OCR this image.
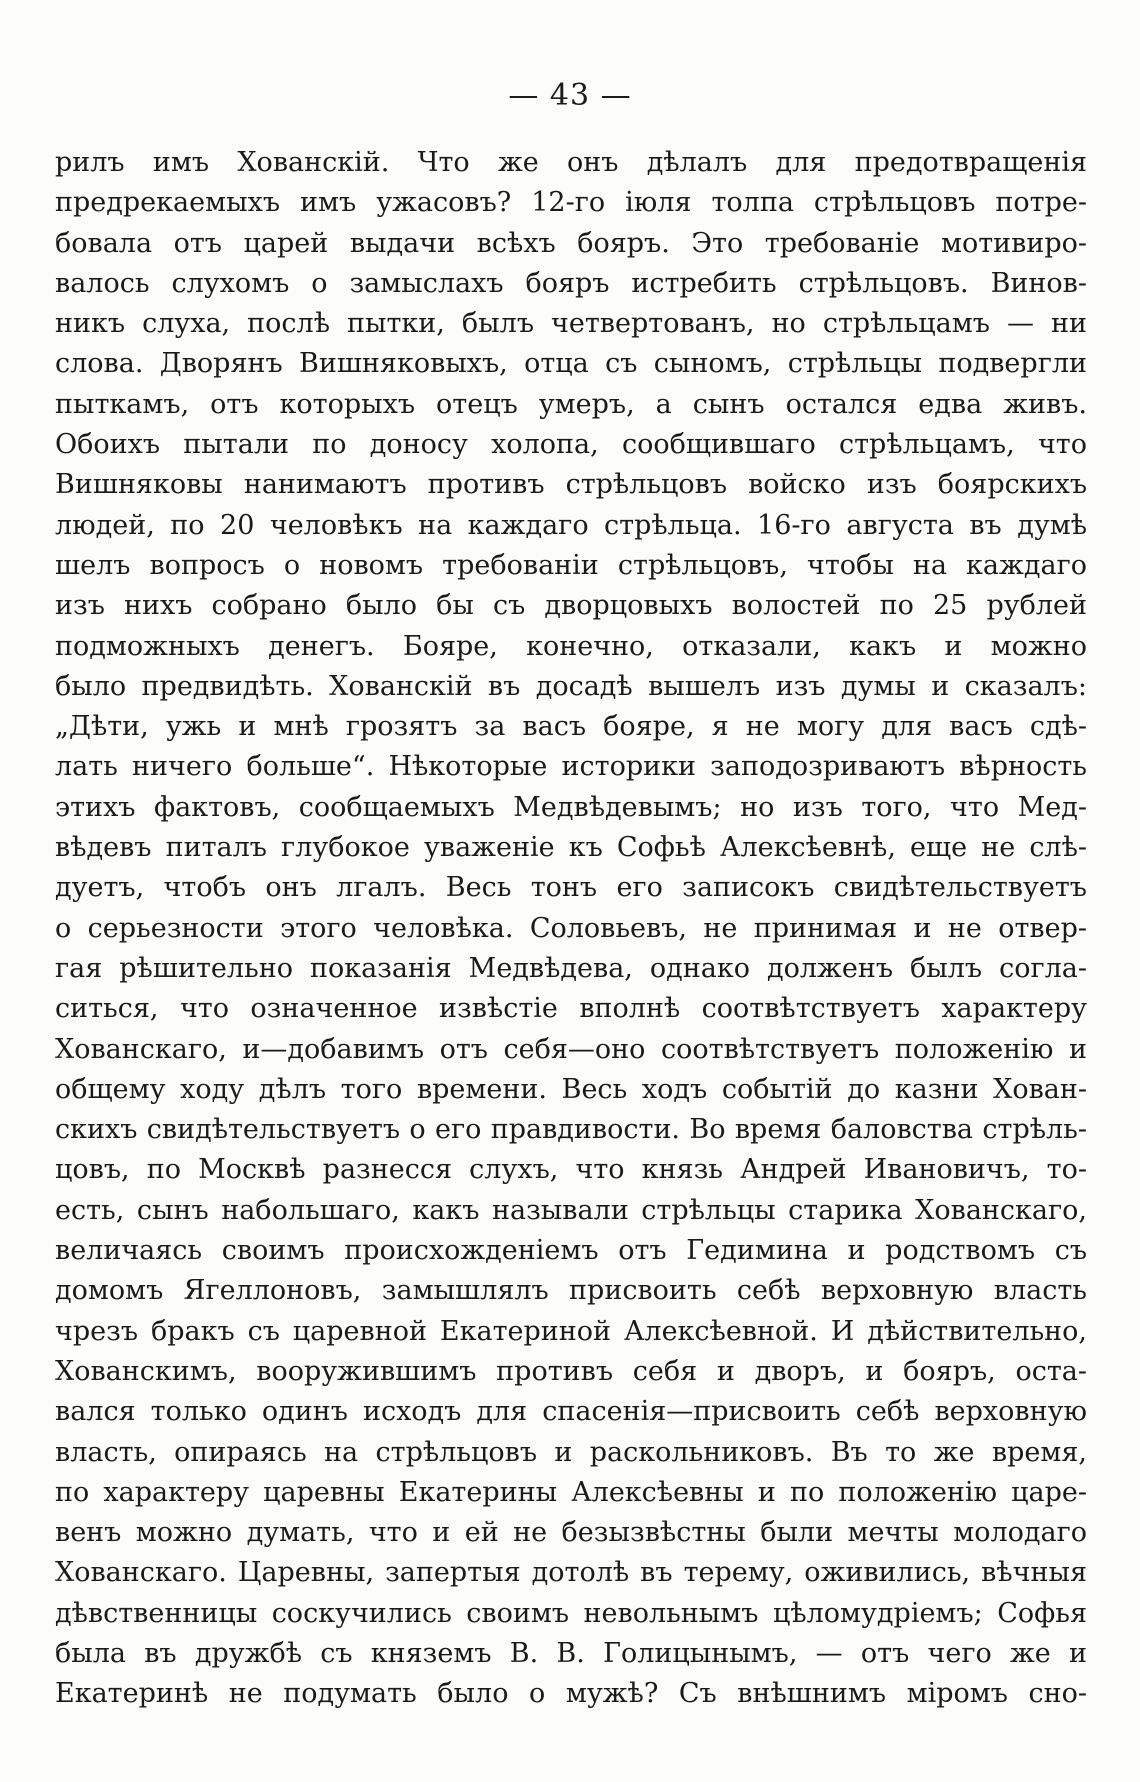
— 43 —
рилъ имъ Хованскій. Что же онъ дѣлалъ для предотвращенія
предрекаемыхъ имъ ужасовъ? 12-го іюля толпа стрѣльцовъ потре-
бовала отъ царей выдачи всѣхъ бояръ. Это требованіе мотивиро-
валось слухомъ о замыслахъ бояръ истребить стрѣльцовъ. Винов-
никъ слуха, послѣ пытки, былъ четвертованъ, но стрѣльцамъ — ни
слова. Дворянъ Вишняковыхъ, отца съ сыномъ, стрѣльцы подвергли
пыткамъ, отъ которыхъ отецъ умеръ, а сынъ остался едва живъ.
Обоихъ пытали по доносу холопа, сообщившаго стрѣльцамъ, что
Вишняковы нанимаютъ противъ стрѣльцовъ войско изъ боярскихъ
людей, по 20 человѣкъ на каждаго стрѣльца. 16-го августа въ думѣ
шелъ вопросъ о новомъ требованіи стрѣльцовъ, чтобы на каждаго
изъ нихъ собрано было бы съ дворцовыхъ волостей по 25 рублей
подможныхъ денегъ. Бояре, конечно, отказали, какъ и можно
было предвидѣть. Хованскій въ досадѣ вышелъ изъ думы и сказалъ:
„Дѣти, ужь и мнѣ грозятъ за васъ бояре, я не могу для васъ сдѣ-
лать ничего больше“. Нѣкоторые историки заподозриваютъ вѣрность
этихъ фактовъ, сообщаемыхъ Медвѣдевымъ; но изъ того, что Мед-
вѣдевъ питалъ глубокое уваженіе къ Софьѣ Алексѣевнѣ, еще не слѣ-
дуетъ, чтобъ онъ лгалъ. Весь тонъ его записокъ свидѣтельствуетъ
о серьезности этого человѣка. Соловьевъ, не принимая и не отвер-
гая рѣшительно показанія Медвѣдева, однако долженъ былъ согла-
ситься, что означенное извѣстіе вполнѣ соотвѣтствуетъ характеру
Хованскаго, и—добавимъ отъ себя—оно соотвѣтствуетъ положенію и
общему ходу дѣлъ того времени. Весь ходъ событій до казни Хован-
скихъ свидѣтельствуетъ о его правдивости. Во время баловства стрѣль-
цовъ, по Москвѣ разнесся слухъ, что князь Андрей Ивановичъ, то-
есть, сынъ набольшаго, какъ называли стрѣльцы старика Хованскаго,
величаясь своимъ происхожденіемъ отъ Гедимина и родствомъ съ
домомъ Ягеллоновъ, замышлялъ присвоить себѣ верховную власть
чрезъ бракъ съ царевной Екатериной Алексѣевной. И дѣйствительно,
Хованскимъ, вооружившимъ противъ себя и дворъ, и бояръ, оста-
вался только одинъ исходъ для спасенія—присвоить себѣ верховную
власть, опираясь на стрѣльцовъ и раскольниковъ. Въ то же время,
по характеру царевны Екатерины Алексѣевны и по положенію царе-
венъ можно думать, что и ей не безызвѣстны были мечты молодаго
Хованскаго. Царевны, запертыя дотолѣ въ терему, оживились, вѣчныя
дѣвственницы соскучились своимъ невольнымъ цѣломудріемъ; Софья
была въ дружбѣ съ княземъ В. В. Голицынымъ, — отъ чего же и
Екатеринѣ не подумать было о мужѣ? Съ внѣшнимъ міромъ сно-
